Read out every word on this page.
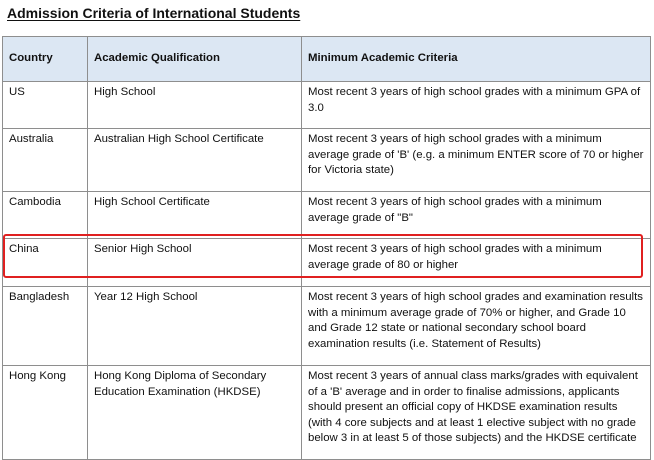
Admission Criteria of International Students
Country	Academic Qualification	Minimum Academic Criteria
US	High School	Most recent 3 years of high school grades with a minimum GPA of 3.0
Australia	Australian High School Certificate	Most recent 3 years of high school grades with a minimum average grade of 'B' (e.g. a minimum ENTER score of 70 or higher for Victoria state)
Cambodia	High School Certificate	Most recent 3 years of high school grades with a minimum average grade of "B"
China	Senior High School	Most recent 3 years of high school grades with a minimum average grade of 80 or higher
Bangladesh	Year 12 High School	Most recent 3 years of high school grades and examination results with a minimum average grade of 70% or higher, and Grade 10 and Grade 12 state or national secondary school board examination results (i.e. Statement of Results)
Hong Kong	Hong Kong Diploma of Secondary Education Examination (HKDSE)	Most recent 3 years of annual class marks/grades with equivalent of a 'B' average and in order to finalise admissions, applicants should present an official copy of HKDSE examination results (with 4 core subjects and at least 1 elective subject with no grade below 3 in at least 5 of those subjects) and the HKDSE certificate
